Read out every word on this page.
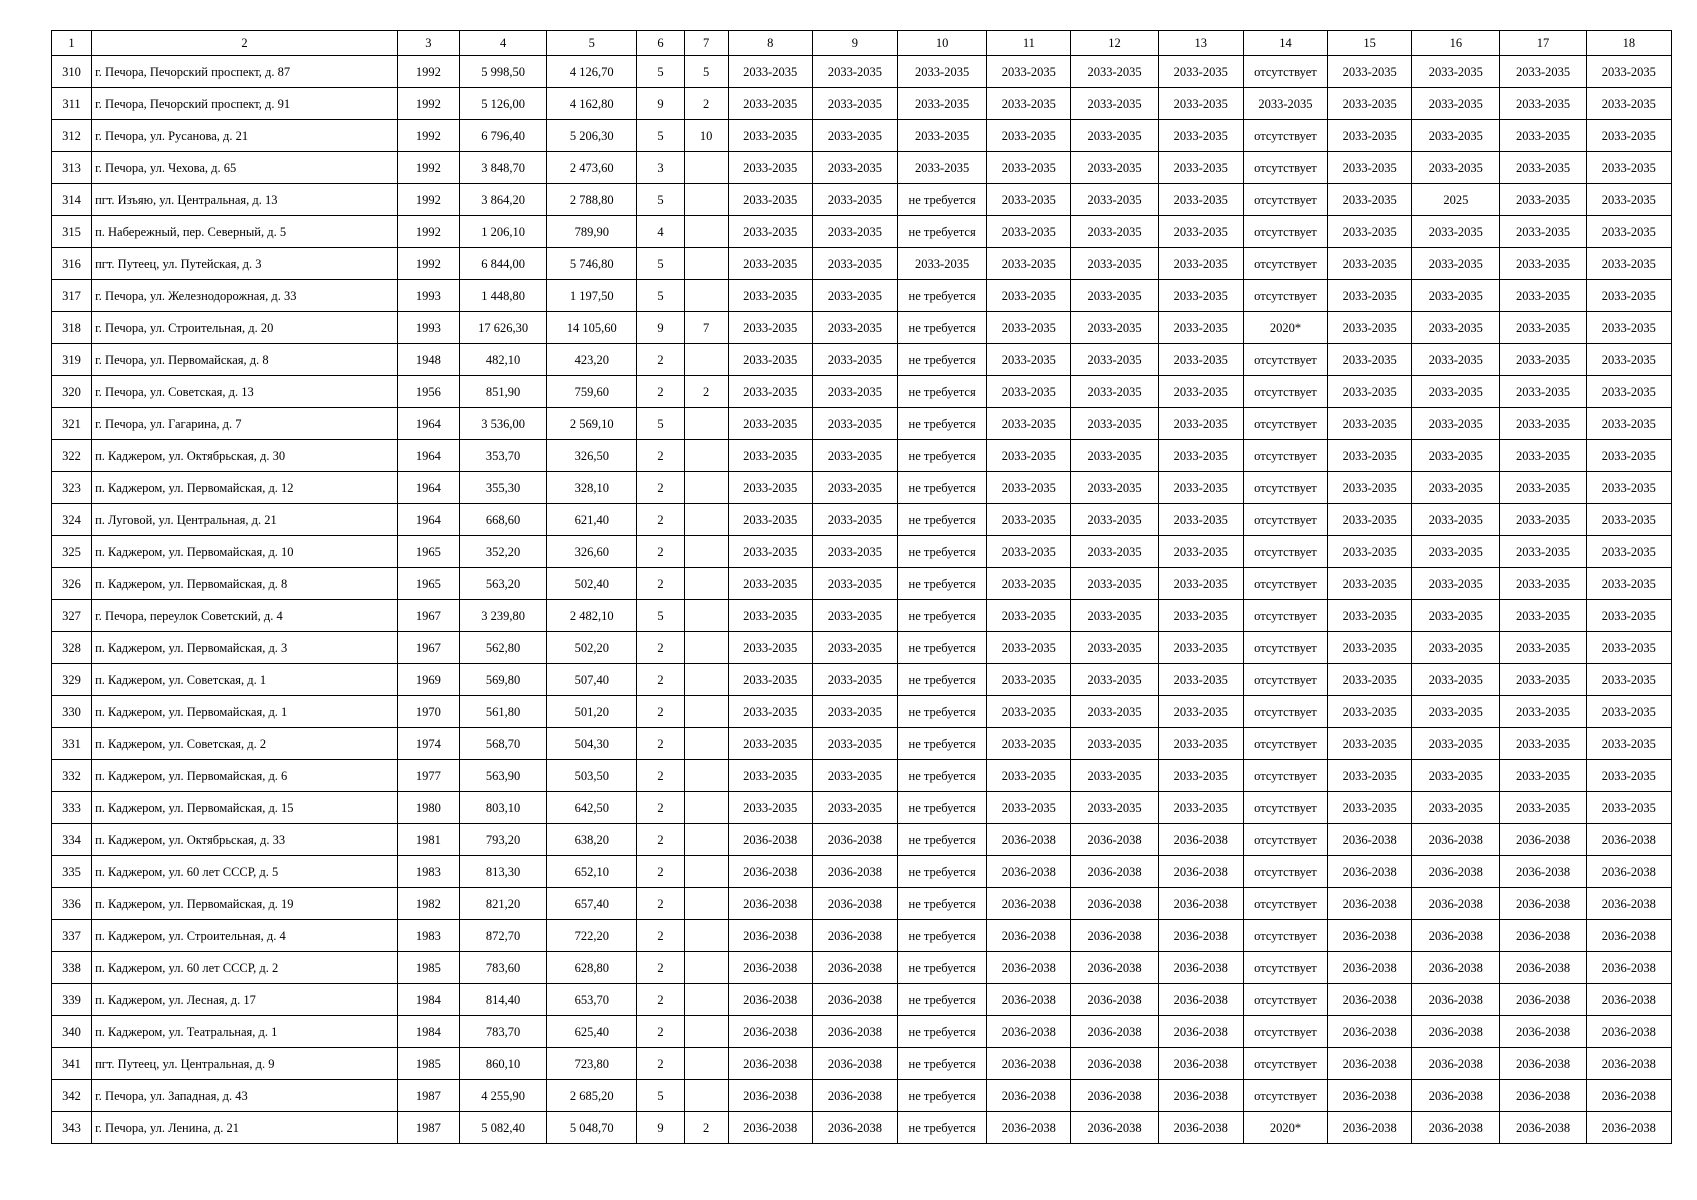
1	2	3	4	5	6	7	8	9	10	11	12	13	14	15	16	17	18
310	г. Печора, Печорский проспект, д. 87	1992	5 998,50	4 126,70	5	5	2033-2035	2033-2035	2033-2035	2033-2035	2033-2035	2033-2035	отсутствует	2033-2035	2033-2035	2033-2035	2033-2035
311	г. Печора, Печорский проспект, д. 91	1992	5 126,00	4 162,80	9	2	2033-2035	2033-2035	2033-2035	2033-2035	2033-2035	2033-2035	2033-2035	2033-2035	2033-2035	2033-2035	2033-2035
312	г. Печора, ул. Русанова, д. 21	1992	6 796,40	5 206,30	5	10	2033-2035	2033-2035	2033-2035	2033-2035	2033-2035	2033-2035	отсутствует	2033-2035	2033-2035	2033-2035	2033-2035
313	г. Печора, ул. Чехова, д. 65	1992	3 848,70	2 473,60	3		2033-2035	2033-2035	2033-2035	2033-2035	2033-2035	2033-2035	отсутствует	2033-2035	2033-2035	2033-2035	2033-2035
314	пгт. Изъяю, ул. Центральная, д. 13	1992	3 864,20	2 788,80	5		2033-2035	2033-2035	не требуется	2033-2035	2033-2035	2033-2035	отсутствует	2033-2035	2025	2033-2035	2033-2035
315	п. Набережный, пер. Северный, д. 5	1992	1 206,10	789,90	4		2033-2035	2033-2035	не требуется	2033-2035	2033-2035	2033-2035	отсутствует	2033-2035	2033-2035	2033-2035	2033-2035
316	пгт. Путеец, ул. Путейская, д. 3	1992	6 844,00	5 746,80	5		2033-2035	2033-2035	2033-2035	2033-2035	2033-2035	2033-2035	отсутствует	2033-2035	2033-2035	2033-2035	2033-2035
317	г. Печора, ул. Железнодорожная, д. 33	1993	1 448,80	1 197,50	5		2033-2035	2033-2035	не требуется	2033-2035	2033-2035	2033-2035	отсутствует	2033-2035	2033-2035	2033-2035	2033-2035
318	г. Печора, ул. Строительная, д. 20	1993	17 626,30	14 105,60	9	7	2033-2035	2033-2035	не требуется	2033-2035	2033-2035	2033-2035	2020*	2033-2035	2033-2035	2033-2035	2033-2035
319	г. Печора, ул. Первомайская, д. 8	1948	482,10	423,20	2		2033-2035	2033-2035	не требуется	2033-2035	2033-2035	2033-2035	отсутствует	2033-2035	2033-2035	2033-2035	2033-2035
320	г. Печора, ул. Советская, д. 13	1956	851,90	759,60	2	2	2033-2035	2033-2035	не требуется	2033-2035	2033-2035	2033-2035	отсутствует	2033-2035	2033-2035	2033-2035	2033-2035
321	г. Печора, ул. Гагарина, д. 7	1964	3 536,00	2 569,10	5		2033-2035	2033-2035	не требуется	2033-2035	2033-2035	2033-2035	отсутствует	2033-2035	2033-2035	2033-2035	2033-2035
322	п. Каджером, ул. Октябрьская, д. 30	1964	353,70	326,50	2		2033-2035	2033-2035	не требуется	2033-2035	2033-2035	2033-2035	отсутствует	2033-2035	2033-2035	2033-2035	2033-2035
323	п. Каджером, ул. Первомайская, д. 12	1964	355,30	328,10	2		2033-2035	2033-2035	не требуется	2033-2035	2033-2035	2033-2035	отсутствует	2033-2035	2033-2035	2033-2035	2033-2035
324	п. Луговой, ул. Центральная, д. 21	1964	668,60	621,40	2		2033-2035	2033-2035	не требуется	2033-2035	2033-2035	2033-2035	отсутствует	2033-2035	2033-2035	2033-2035	2033-2035
325	п. Каджером, ул. Первомайская, д. 10	1965	352,20	326,60	2		2033-2035	2033-2035	не требуется	2033-2035	2033-2035	2033-2035	отсутствует	2033-2035	2033-2035	2033-2035	2033-2035
326	п. Каджером, ул. Первомайская, д. 8	1965	563,20	502,40	2		2033-2035	2033-2035	не требуется	2033-2035	2033-2035	2033-2035	отсутствует	2033-2035	2033-2035	2033-2035	2033-2035
327	г. Печора, переулок Советский, д. 4	1967	3 239,80	2 482,10	5		2033-2035	2033-2035	не требуется	2033-2035	2033-2035	2033-2035	отсутствует	2033-2035	2033-2035	2033-2035	2033-2035
328	п. Каджером, ул. Первомайская, д. 3	1967	562,80	502,20	2		2033-2035	2033-2035	не требуется	2033-2035	2033-2035	2033-2035	отсутствует	2033-2035	2033-2035	2033-2035	2033-2035
329	п. Каджером, ул. Советская, д. 1	1969	569,80	507,40	2		2033-2035	2033-2035	не требуется	2033-2035	2033-2035	2033-2035	отсутствует	2033-2035	2033-2035	2033-2035	2033-2035
330	п. Каджером, ул. Первомайская, д. 1	1970	561,80	501,20	2		2033-2035	2033-2035	не требуется	2033-2035	2033-2035	2033-2035	отсутствует	2033-2035	2033-2035	2033-2035	2033-2035
331	п. Каджером, ул. Советская, д. 2	1974	568,70	504,30	2		2033-2035	2033-2035	не требуется	2033-2035	2033-2035	2033-2035	отсутствует	2033-2035	2033-2035	2033-2035	2033-2035
332	п. Каджером, ул. Первомайская, д. 6	1977	563,90	503,50	2		2033-2035	2033-2035	не требуется	2033-2035	2033-2035	2033-2035	отсутствует	2033-2035	2033-2035	2033-2035	2033-2035
333	п. Каджером, ул. Первомайская, д. 15	1980	803,10	642,50	2		2033-2035	2033-2035	не требуется	2033-2035	2033-2035	2033-2035	отсутствует	2033-2035	2033-2035	2033-2035	2033-2035
334	п. Каджером, ул. Октябрьская, д. 33	1981	793,20	638,20	2		2036-2038	2036-2038	не требуется	2036-2038	2036-2038	2036-2038	отсутствует	2036-2038	2036-2038	2036-2038	2036-2038
335	п. Каджером, ул. 60 лет СССР, д. 5	1983	813,30	652,10	2		2036-2038	2036-2038	не требуется	2036-2038	2036-2038	2036-2038	отсутствует	2036-2038	2036-2038	2036-2038	2036-2038
336	п. Каджером, ул. Первомайская, д. 19	1982	821,20	657,40	2		2036-2038	2036-2038	не требуется	2036-2038	2036-2038	2036-2038	отсутствует	2036-2038	2036-2038	2036-2038	2036-2038
337	п. Каджером, ул. Строительная, д. 4	1983	872,70	722,20	2		2036-2038	2036-2038	не требуется	2036-2038	2036-2038	2036-2038	отсутствует	2036-2038	2036-2038	2036-2038	2036-2038
338	п. Каджером, ул. 60 лет СССР, д. 2	1985	783,60	628,80	2		2036-2038	2036-2038	не требуется	2036-2038	2036-2038	2036-2038	отсутствует	2036-2038	2036-2038	2036-2038	2036-2038
339	п. Каджером, ул. Лесная, д. 17	1984	814,40	653,70	2		2036-2038	2036-2038	не требуется	2036-2038	2036-2038	2036-2038	отсутствует	2036-2038	2036-2038	2036-2038	2036-2038
340	п. Каджером, ул. Театральная, д. 1	1984	783,70	625,40	2		2036-2038	2036-2038	не требуется	2036-2038	2036-2038	2036-2038	отсутствует	2036-2038	2036-2038	2036-2038	2036-2038
341	пгт. Путеец, ул. Центральная, д. 9	1985	860,10	723,80	2		2036-2038	2036-2038	не требуется	2036-2038	2036-2038	2036-2038	отсутствует	2036-2038	2036-2038	2036-2038	2036-2038
342	г. Печора, ул. Западная, д. 43	1987	4 255,90	2 685,20	5		2036-2038	2036-2038	не требуется	2036-2038	2036-2038	2036-2038	отсутствует	2036-2038	2036-2038	2036-2038	2036-2038
343	г. Печора, ул. Ленина, д. 21	1987	5 082,40	5 048,70	9	2	2036-2038	2036-2038	не требуется	2036-2038	2036-2038	2036-2038	2020*	2036-2038	2036-2038	2036-2038	2036-2038
